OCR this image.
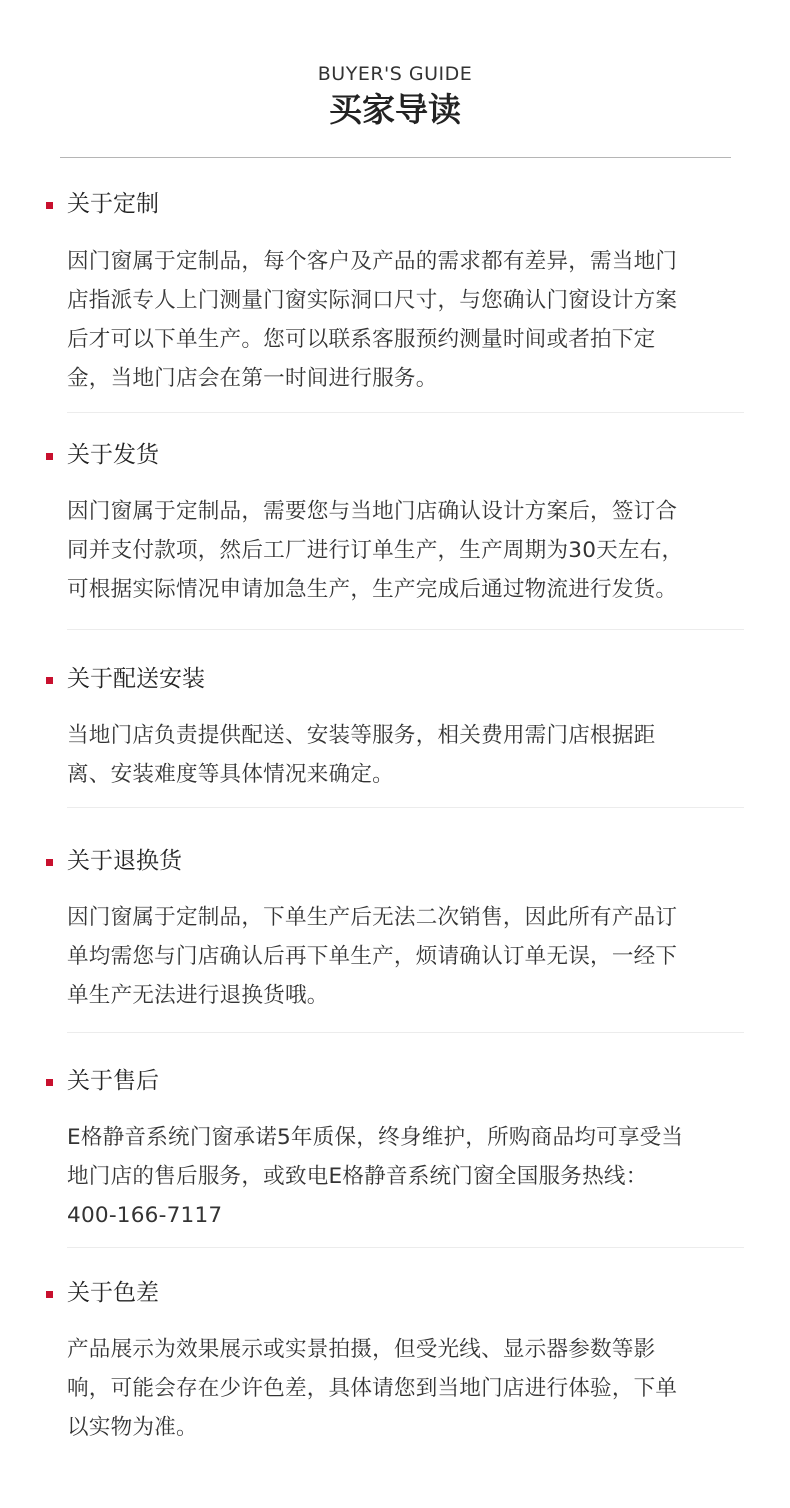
BUYER'S GUIDE
买家导读
关于定制
因门窗属于定制品，每个客户及产品的需求都有差异，需当地门
店指派专人上门测量门窗实际洞口尺寸，与您确认门窗设计方案
后才可以下单生产。您可以联系客服预约测量时间或者拍下定
金，当地门店会在第一时间进行服务。
关于发货
因门窗属于定制品，需要您与当地门店确认设计方案后，签订合
同并支付款项，然后工厂进行订单生产，生产周期为30天左右，
可根据实际情况申请加急生产，生产完成后通过物流进行发货。
关于配送安装
当地门店负责提供配送、安装等服务，相关费用需门店根据距
离、安装难度等具体情况来确定。
关于退换货
因门窗属于定制品，下单生产后无法二次销售，因此所有产品订
单均需您与门店确认后再下单生产，烦请确认订单无误，一经下
单生产无法进行退换货哦。
关于售后
E格静音系统门窗承诺5年质保，终身维护，所购商品均可享受当
地门店的售后服务，或致电E格静音系统门窗全国服务热线：
400-166-7117
关于色差
产品展示为效果展示或实景拍摄，但受光线、显示器参数等影
响，可能会存在少许色差，具体请您到当地门店进行体验，下单
以实物为准。
